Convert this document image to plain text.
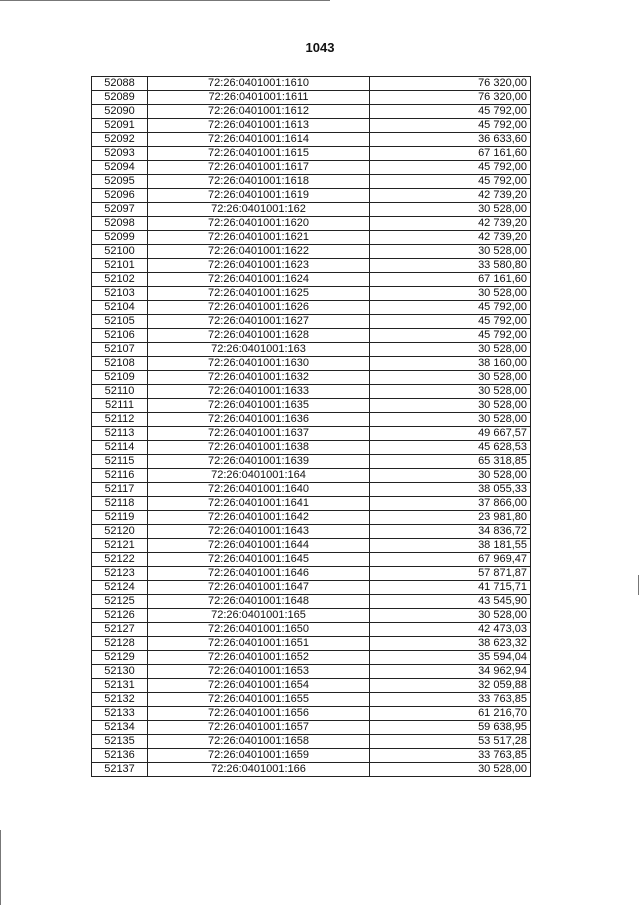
1043
52088	72:26:0401001:1610	76 320,00
52089	72:26:0401001:1611	76 320,00
52090	72:26:0401001:1612	45 792,00
52091	72:26:0401001:1613	45 792,00
52092	72:26:0401001:1614	36 633,60
52093	72:26:0401001:1615	67 161,60
52094	72:26:0401001:1617	45 792,00
52095	72:26:0401001:1618	45 792,00
52096	72:26:0401001:1619	42 739,20
52097	72:26:0401001:162	30 528,00
52098	72:26:0401001:1620	42 739,20
52099	72:26:0401001:1621	42 739,20
52100	72:26:0401001:1622	30 528,00
52101	72:26:0401001:1623	33 580,80
52102	72:26:0401001:1624	67 161,60
52103	72:26:0401001:1625	30 528,00
52104	72:26:0401001:1626	45 792,00
52105	72:26:0401001:1627	45 792,00
52106	72:26:0401001:1628	45 792,00
52107	72:26:0401001:163	30 528,00
52108	72:26:0401001:1630	38 160,00
52109	72:26:0401001:1632	30 528,00
52110	72:26:0401001:1633	30 528,00
52111	72:26:0401001:1635	30 528,00
52112	72:26:0401001:1636	30 528,00
52113	72:26:0401001:1637	49 667,57
52114	72:26:0401001:1638	45 628,53
52115	72:26:0401001:1639	65 318,85
52116	72:26:0401001:164	30 528,00
52117	72:26:0401001:1640	38 055,33
52118	72:26:0401001:1641	37 866,00
52119	72:26:0401001:1642	23 981,80
52120	72:26:0401001:1643	34 836,72
52121	72:26:0401001:1644	38 181,55
52122	72:26:0401001:1645	67 969,47
52123	72:26:0401001:1646	57 871,87
52124	72:26:0401001:1647	41 715,71
52125	72:26:0401001:1648	43 545,90
52126	72:26:0401001:165	30 528,00
52127	72:26:0401001:1650	42 473,03
52128	72:26:0401001:1651	38 623,32
52129	72:26:0401001:1652	35 594,04
52130	72:26:0401001:1653	34 962,94
52131	72:26:0401001:1654	32 059,88
52132	72:26:0401001:1655	33 763,85
52133	72:26:0401001:1656	61 216,70
52134	72:26:0401001:1657	59 638,95
52135	72:26:0401001:1658	53 517,28
52136	72:26:0401001:1659	33 763,85
52137	72:26:0401001:166	30 528,00
